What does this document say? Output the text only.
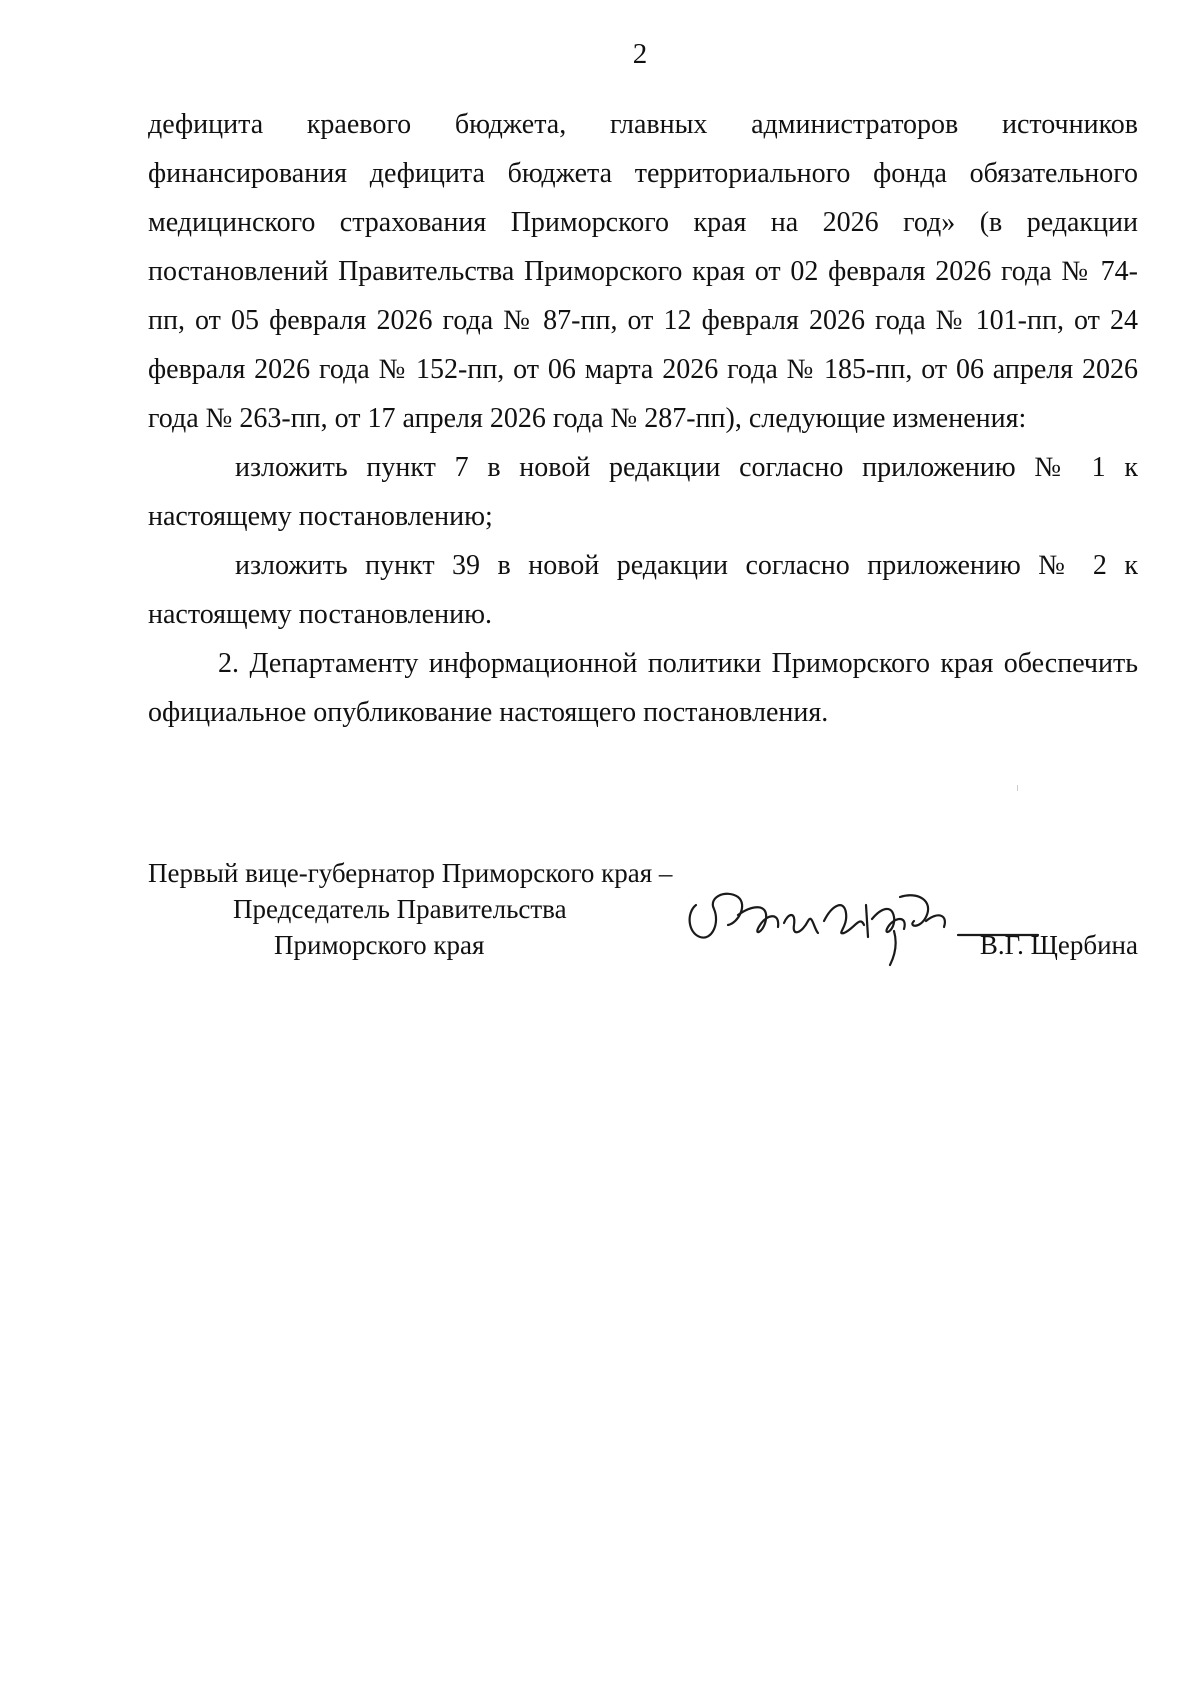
2

дефицита краевого бюджета, главных администраторов источников финансирования дефицита бюджета территориального фонда обязательного медицинского страхования Приморского края на 2026 год» (в редакции постановлений Правительства Приморского края от 02 февраля 2026 года № 74-пп, от 05 февраля 2026 года № 87-пп, от 12 февраля 2026 года № 101-пп, от 24 февраля 2026 года № 152-пп, от 06 марта 2026 года № 185-пп, от 06 апреля 2026 года № 263-пп, от 17 апреля 2026 года № 287-пп), следующие изменения:

изложить пункт 7 в новой редакции согласно приложению № 1 к настоящему постановлению;

изложить пункт 39 в новой редакции согласно приложению № 2 к настоящему постановлению.

2. Департаменту информационной политики Приморского края обеспечить официальное опубликование настоящего постановления.

Первый вице-губернатор Приморского края –
Председатель Правительства
Приморского края	В.Г. Щербина
